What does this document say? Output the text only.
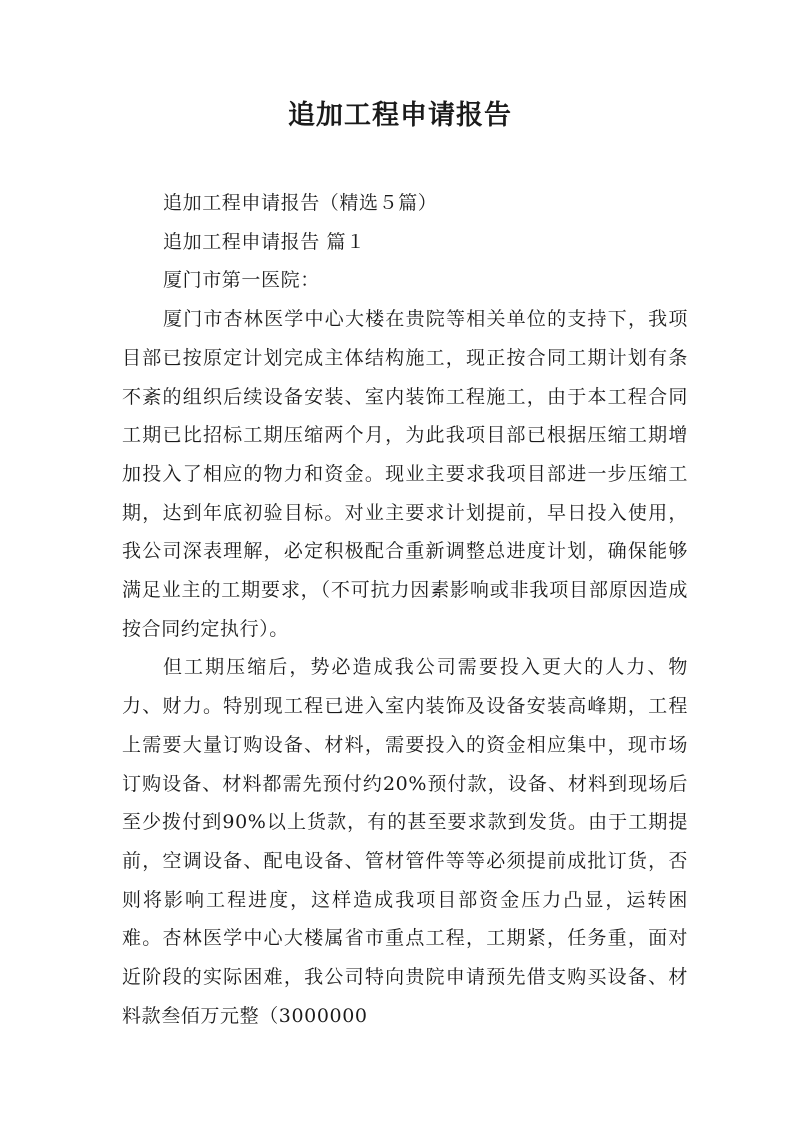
追加工程申请报告

追加工程申请报告（精选５篇）

追加工程申请报告 篇１

厦门市第一医院：

厦门市杏林医学中心大楼在贵院等相关单位的支持下，我项目部已按原定计划完成主体结构施工，现正按合同工期计划有条不紊的组织后续设备安装、室内装饰工程施工，由于本工程合同工期已比招标工期压缩两个月，为此我项目部已根据压缩工期增加投入了相应的物力和资金。现业主要求我项目部进一步压缩工期，达到年底初验目标。对业主要求计划提前，早日投入使用，我公司深表理解，必定积极配合重新调整总进度计划，确保能够满足业主的工期要求，（不可抗力因素影响或非我项目部原因造成按合同约定执行）。

但工期压缩后，势必造成我公司需要投入更大的人力、物力、财力。特别现工程已进入室内装饰及设备安装高峰期，工程上需要大量订购设备、材料，需要投入的资金相应集中，现市场订购设备、材料都需先预付约20%预付款，设备、材料到现场后至少拨付到90%以上货款，有的甚至要求款到发货。由于工期提前，空调设备、配电设备、管材管件等等必须提前成批订货，否则将影响工程进度，这样造成我项目部资金压力凸显，运转困难。杏林医学中心大楼属省市重点工程，工期紧，任务重，面对近阶段的实际困难，我公司特向贵院申请预先借支购买设备、材料款叁佰万元整（3000000
